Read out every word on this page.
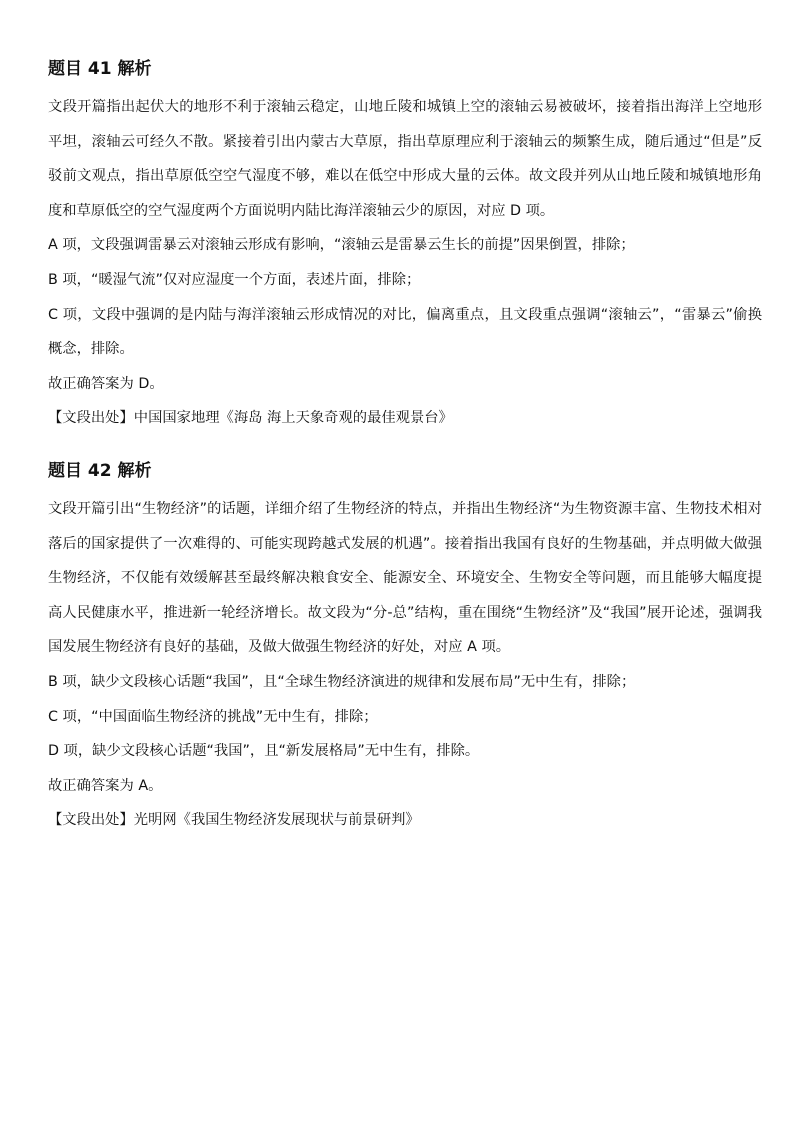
题目 41 解析

文段开篇指出起伏大的地形不利于滚轴云稳定，山地丘陵和城镇上空的滚轴云易被破坏，接着指出海洋上空地形平坦，滚轴云可经久不散。紧接着引出内蒙古大草原，指出草原理应利于滚轴云的频繁生成，随后通过“但是”反驳前文观点，指出草原低空空气湿度不够，难以在低空中形成大量的云体。故文段并列从山地丘陵和城镇地形角度和草原低空的空气湿度两个方面说明内陆比海洋滚轴云少的原因，对应 D 项。

A 项，文段强调雷暴云对滚轴云形成有影响，“滚轴云是雷暴云生长的前提”因果倒置，排除；

B 项，“暖湿气流”仅对应湿度一个方面，表述片面，排除；

C 项，文段中强调的是内陆与海洋滚轴云形成情况的对比，偏离重点，且文段重点强调“滚轴云”，“雷暴云”偷换概念，排除。

故正确答案为 D。

【文段出处】中国国家地理《海岛 海上天象奇观的最佳观景台》

题目 42 解析

文段开篇引出“生物经济”的话题，详细介绍了生物经济的特点，并指出生物经济“为生物资源丰富、生物技术相对落后的国家提供了一次难得的、可能实现跨越式发展的机遇”。接着指出我国有良好的生物基础，并点明做大做强生物经济，不仅能有效缓解甚至最终解决粮食安全、能源安全、环境安全、生物安全等问题，而且能够大幅度提高人民健康水平，推进新一轮经济增长。故文段为“分-总”结构，重在围绕“生物经济”及“我国”展开论述，强调我国发展生物经济有良好的基础，及做大做强生物经济的好处，对应 A 项。

B 项，缺少文段核心话题“我国”，且“全球生物经济演进的规律和发展布局”无中生有，排除；

C 项，“中国面临生物经济的挑战”无中生有，排除；

D 项，缺少文段核心话题“我国”，且“新发展格局”无中生有，排除。

故正确答案为 A。

【文段出处】光明网《我国生物经济发展现状与前景研判》
